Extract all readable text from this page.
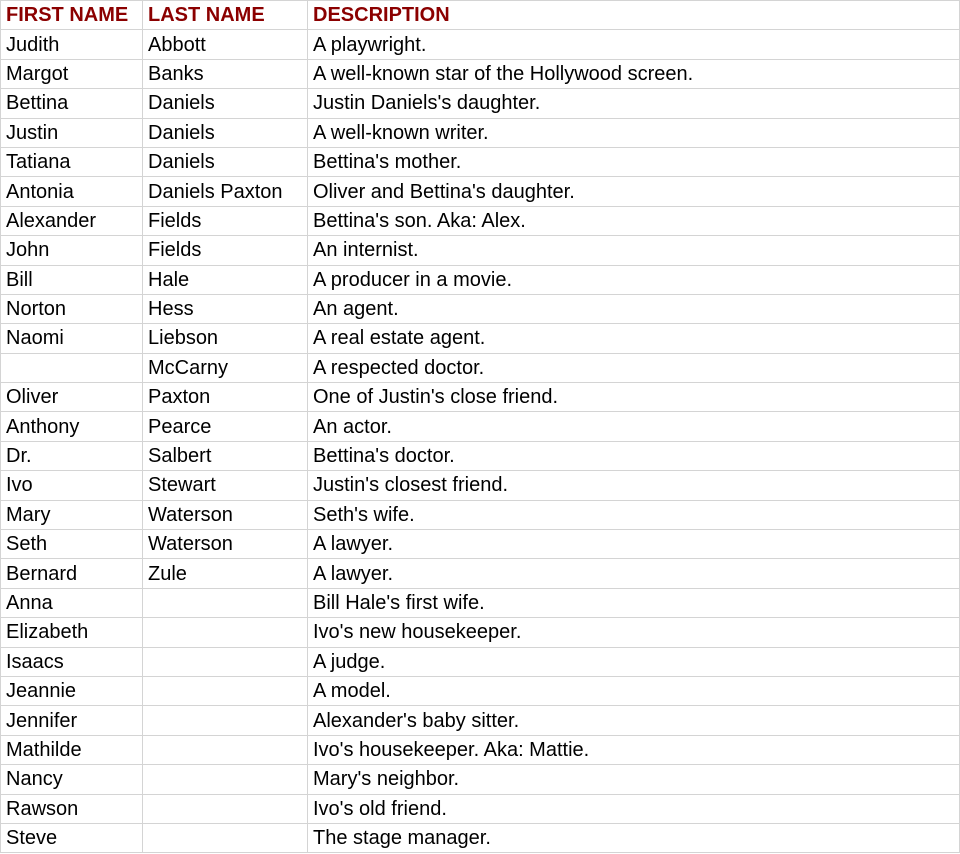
FIRST NAME	LAST NAME	DESCRIPTION
Judith	Abbott	A playwright.
Margot	Banks	A well-known star of the Hollywood screen.
Bettina	Daniels	Justin Daniels's daughter.
Justin	Daniels	A well-known writer.
Tatiana	Daniels	Bettina's mother.
Antonia	Daniels Paxton	Oliver and Bettina's daughter.
Alexander	Fields	Bettina's son. Aka: Alex.
John	Fields	An internist.
Bill	Hale	A producer in a movie.
Norton	Hess	An agent.
Naomi	Liebson	A real estate agent.
	McCarny	A respected doctor.
Oliver	Paxton	One of Justin's close friend.
Anthony	Pearce	An actor.
Dr.	Salbert	Bettina's doctor.
Ivo	Stewart	Justin's closest friend.
Mary	Waterson	Seth's wife.
Seth	Waterson	A lawyer.
Bernard	Zule	A lawyer.
Anna		Bill Hale's first wife.
Elizabeth		Ivo's new housekeeper.
Isaacs		A judge.
Jeannie		A model.
Jennifer		Alexander's baby sitter.
Mathilde		Ivo's housekeeper. Aka: Mattie.
Nancy		Mary's neighbor.
Rawson		Ivo's old friend.
Steve		The stage manager.
